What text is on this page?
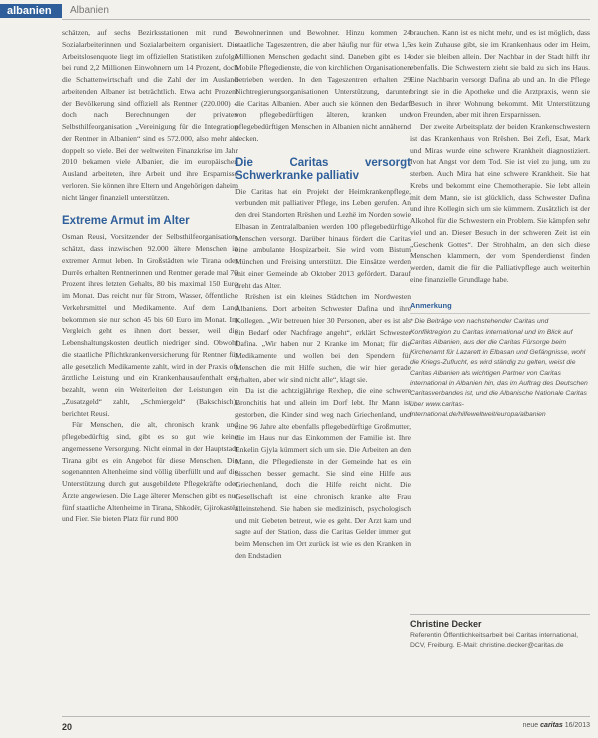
albanien	Albanien

schätzen, auf sechs Bezirksstationen mit rund 7 Sozialarbeiterinnen und Sozialarbeitern organisiert. Die Arbeitslosenquote liegt im offiziellen Statistiken zufolge bei rund 2,2 Millionen Einwohnern um 14 Prozent, doch die Schattenwirtschaft und die Zahl der im Ausland arbeitenden Albaner ist beträchtlich. Etwa acht Prozent der Bevölkerung sind offiziell als Rentner (220.000) – doch nach Berechnungen der privaten Selbsthilfeorganisation „Vereinigung für die Integration der Rentner in Albanien“ sind es 572.000, also mehr als doppelt so viele. Bei der weltweiten Finanzkrise im Jahr 2010 bekamen viele Albanier, die im europäischen Ausland arbeiteten, ihre Arbeit und ihre Ersparnisse verloren. Sie können ihre Eltern und Angehörigen daheim nicht länger finanziell unterstützen.

Extreme Armut im Alter

Osman Reusi, Vorsitzender der Selbsthilfeorganisation, schätzt, dass inzwischen 92.000 ältere Menschen in extremer Armut leben. In Großstädten wie Tirana oder Durrës erhalten Rentnerinnen und Rentner gerade mal 70 Prozent ihres letzten Gehalts, 80 bis maximal 150 Euro im Monat. Das reicht nur für Strom, Wasser, öffentliche Verkehrsmittel und Medikamente. Auf dem Land bekommen sie nur schon 45 bis 60 Euro im Monat. Im Vergleich geht es ihnen dort besser, weil die Lebenshaltungskosten deutlich niedriger sind. Obwohl die staatliche Pflichtkrankenversicherung für Rentner für alle gesetzlich Medikamente zahlt, wird in der Praxis oft ärztliche Leistung und ein Krankenhausaufenthalt erst bezahlt, wenn ein Weiterleiten der Leistungen ein „Zusatzgeld“ zahlt, „Schmiergeld“ (Bakschisch), berichtet Reusi.

Für Menschen, die alt, chronisch krank und pflegebedürftig sind, gibt es so gut wie keine angemessene Versorgung. Nicht einmal in der Hauptstadt Tirana gibt es ein Angebot für diese Menschen. Die sogenannten Altenheime sind völlig überfüllt und auf die Unterstützung durch gut ausgebildete Pflegekräfte oder Ärzte angewiesen. Die Lage älterer Menschen gibt es nur fünf staatliche Altenheime in Tirana, Shkodër, Gjirokastër und Fier. Sie bieten Platz für rund 800

Bewohnerinnen und Bewohner. Hinzu kommen 24 staatliche Tageszentren, die aber häufig nur für etwa 1,5 Millionen Menschen gedacht sind. Daneben gibt es 14 Mobile Pflegedienste, die von kirchlichen Organisationen betrieben werden. In den Tageszentren erhalten 29 Nichtregierungsorganisationen Unterstützung, darunter die Caritas Albanien. Aber auch sie können den Bedarf von pflegebedürftigen älteren, kranken und pflegebedürftigen Menschen in Albanien nicht annähernd decken.

Die Caritas versorgt Schwerkranke palliativ

Die Caritas hat ein Projekt der Heimkrankenpflege, verbunden mit palliativer Pflege, ins Leben gerufen. An den drei Standorten Rrëshen und Lezhë im Norden sowie Elbasan in Zentralalbanien werden 100 pflegebedürftige Menschen versorgt. Darüber hinaus fördert die Caritas eine ambulante Hospizarbeit. Sie wird vom Bistum München und Freising unterstützt. Die Einsätze werden mit einer Gemeinde ab Oktober 2013 gefördert. Darauf dreht das Alter.

Rrëshen ist ein kleines Städtchen im Nordwesten Albaniens. Dort arbeiten Schwester Dafina und ihre Kollegen. „Wir betreuen hier 30 Personen, aber es ist als ein Bedarf oder Nachfrage angeht“, erklärt Schwester Dafina. „Wir haben nur 2 Kranke im Monat; für die Medikamente und wollen bei den Spendern für Menschen die mit Hilfe suchen, die wir hier gerade erhalten, aber wir sind nicht alle“, klagt sie.

Da ist die achtzigjährige Rexhep, die eine schwere Bronchitis hat und allein im Dorf lebt. Ihr Mann ist gestorben, die Kinder sind weg nach Griechenland, und eine 96 Jahre alte ebenfalls pflegebedürftige Großmutter, die im Haus nur das Einkommen der Familie ist. Ihre Enkelin Gjyla kümmert sich um sie. Die Arbeiten an den Mann, die Pflegedienste in der Gemeinde hat es ein bisschen besser gemacht. Sie sind eine Hilfe aus Griechenland, doch die Hilfe reicht nicht. Die Gesellschaft ist eine chronisch kranke alte Frau alleinstehend. Sie haben sie medizinisch, psychologisch und mit Gebeten betreut, wie es geht. Der Arzt kam und sagte auf der Station, dass die Caritas Gelder immer gut beim Menschen im Ort zurück ist wie es den Kranken in den Endstadien

brauchen. Kann ist es nicht mehr, und es ist möglich, dass es kein Zuhause gibt, sie im Krankenhaus oder im Heim, oder sie bleiben allein. Der Nachbar in der Stadt hilft ihr ebenfalls. Die Schwestern zieht sie bald zu sich ins Haus. Eine Nachbarin versorgt Dafina ab und an. In die Pflege bringt sie in die Apotheke und die Arztpraxis, wenn sie Besuch in ihrer Wohnung bekommt. Mit Unterstützung von Freunden, aber mit ihren Ersparnissen.

Der zweite Arbeitsplatz der beiden Krankenschwestern ist das Krankenhaus von Rrëshen. Bei Zefi, Esat, Mark und Miras wurde eine schwere Krankheit diagnostiziert. Ivon hat Angst vor dem Tod. Sie ist viel zu jung, um zu sterben. Auch Mira hat eine schwere Krankheit. Sie hat Krebs und bekommt eine Chemotherapie. Sie lebt allein mit dem Mann, sie ist glücklich, dass Schwester Dafina und ihre Kollegin sich um sie kümmern. Zusätzlich ist der Alkohol für die Schwestern ein Problem. Sie kämpfen sehr viel und an. Dieser Besuch in der schweren Zeit ist ein „Geschenk Gottes“. Der Strohhalm, an den sich diese Menschen klammern, der vom Spenderdienst finden werden, damit die für die Palliativpflege auch weiterhin eine finanzielle Grundlage habe.

Anmerkung
* Die Beiträge von nachstehender Caritas und Konfliktregion zu Caritas international und im Blick auf Caritas Albanien, aus der die Caritas Fürsorge beim Kirchenamt für Lazarett in Elbasan und Gefängnisse, wohl die Kriegs-Zuflucht, es wird ständig zu gelten, weist die Caritas Albanien als wichtigen Partner von Caritas international in Albanien hin, das im Auftrag des Deutschen Caritasverbandes ist, und die Albanische Nationale Caritas über www.caritas-international.de/hilfeweltweit/europa/albanien
Christine Decker
Referentin Öffentlichkeitsarbeit bei Caritas international, DCV, Freiburg. E-Mail: christine.decker@caritas.de
20	neue caritas 16/2013
